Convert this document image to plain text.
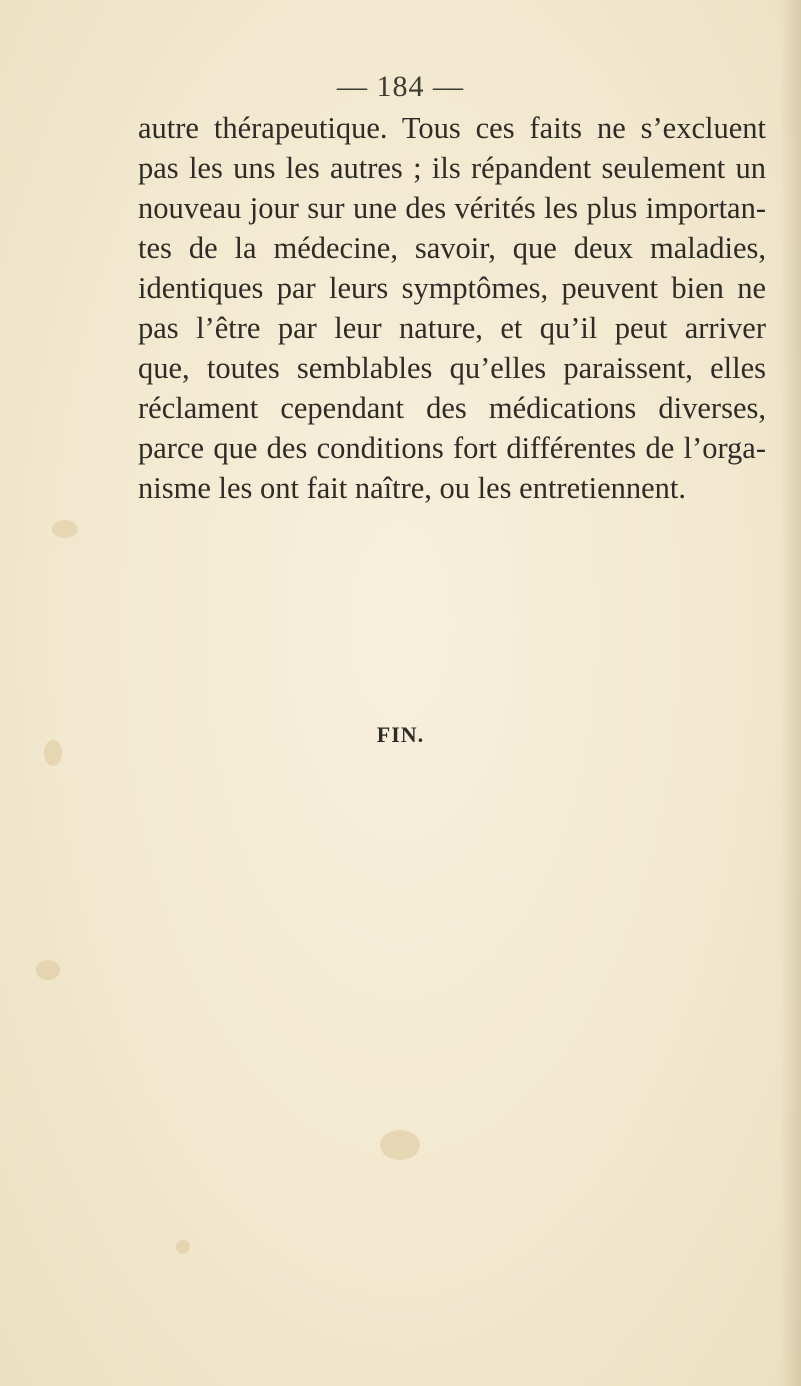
— 184 —
autre thérapeutique. Tous ces faits ne s’excluent
pas les uns les autres ; ils répandent seulement un
nouveau jour sur une des vérités les plus importan-
tes de la médecine, savoir, que deux maladies,
identiques par leurs symptômes, peuvent bien ne
pas l’être par leur nature, et qu’il peut arriver
que, toutes semblables qu’elles paraissent, elles
réclament cependant des médications diverses,
parce que des conditions fort différentes de l’orga-
nisme les ont fait naître, ou les entretiennent.
FIN.
